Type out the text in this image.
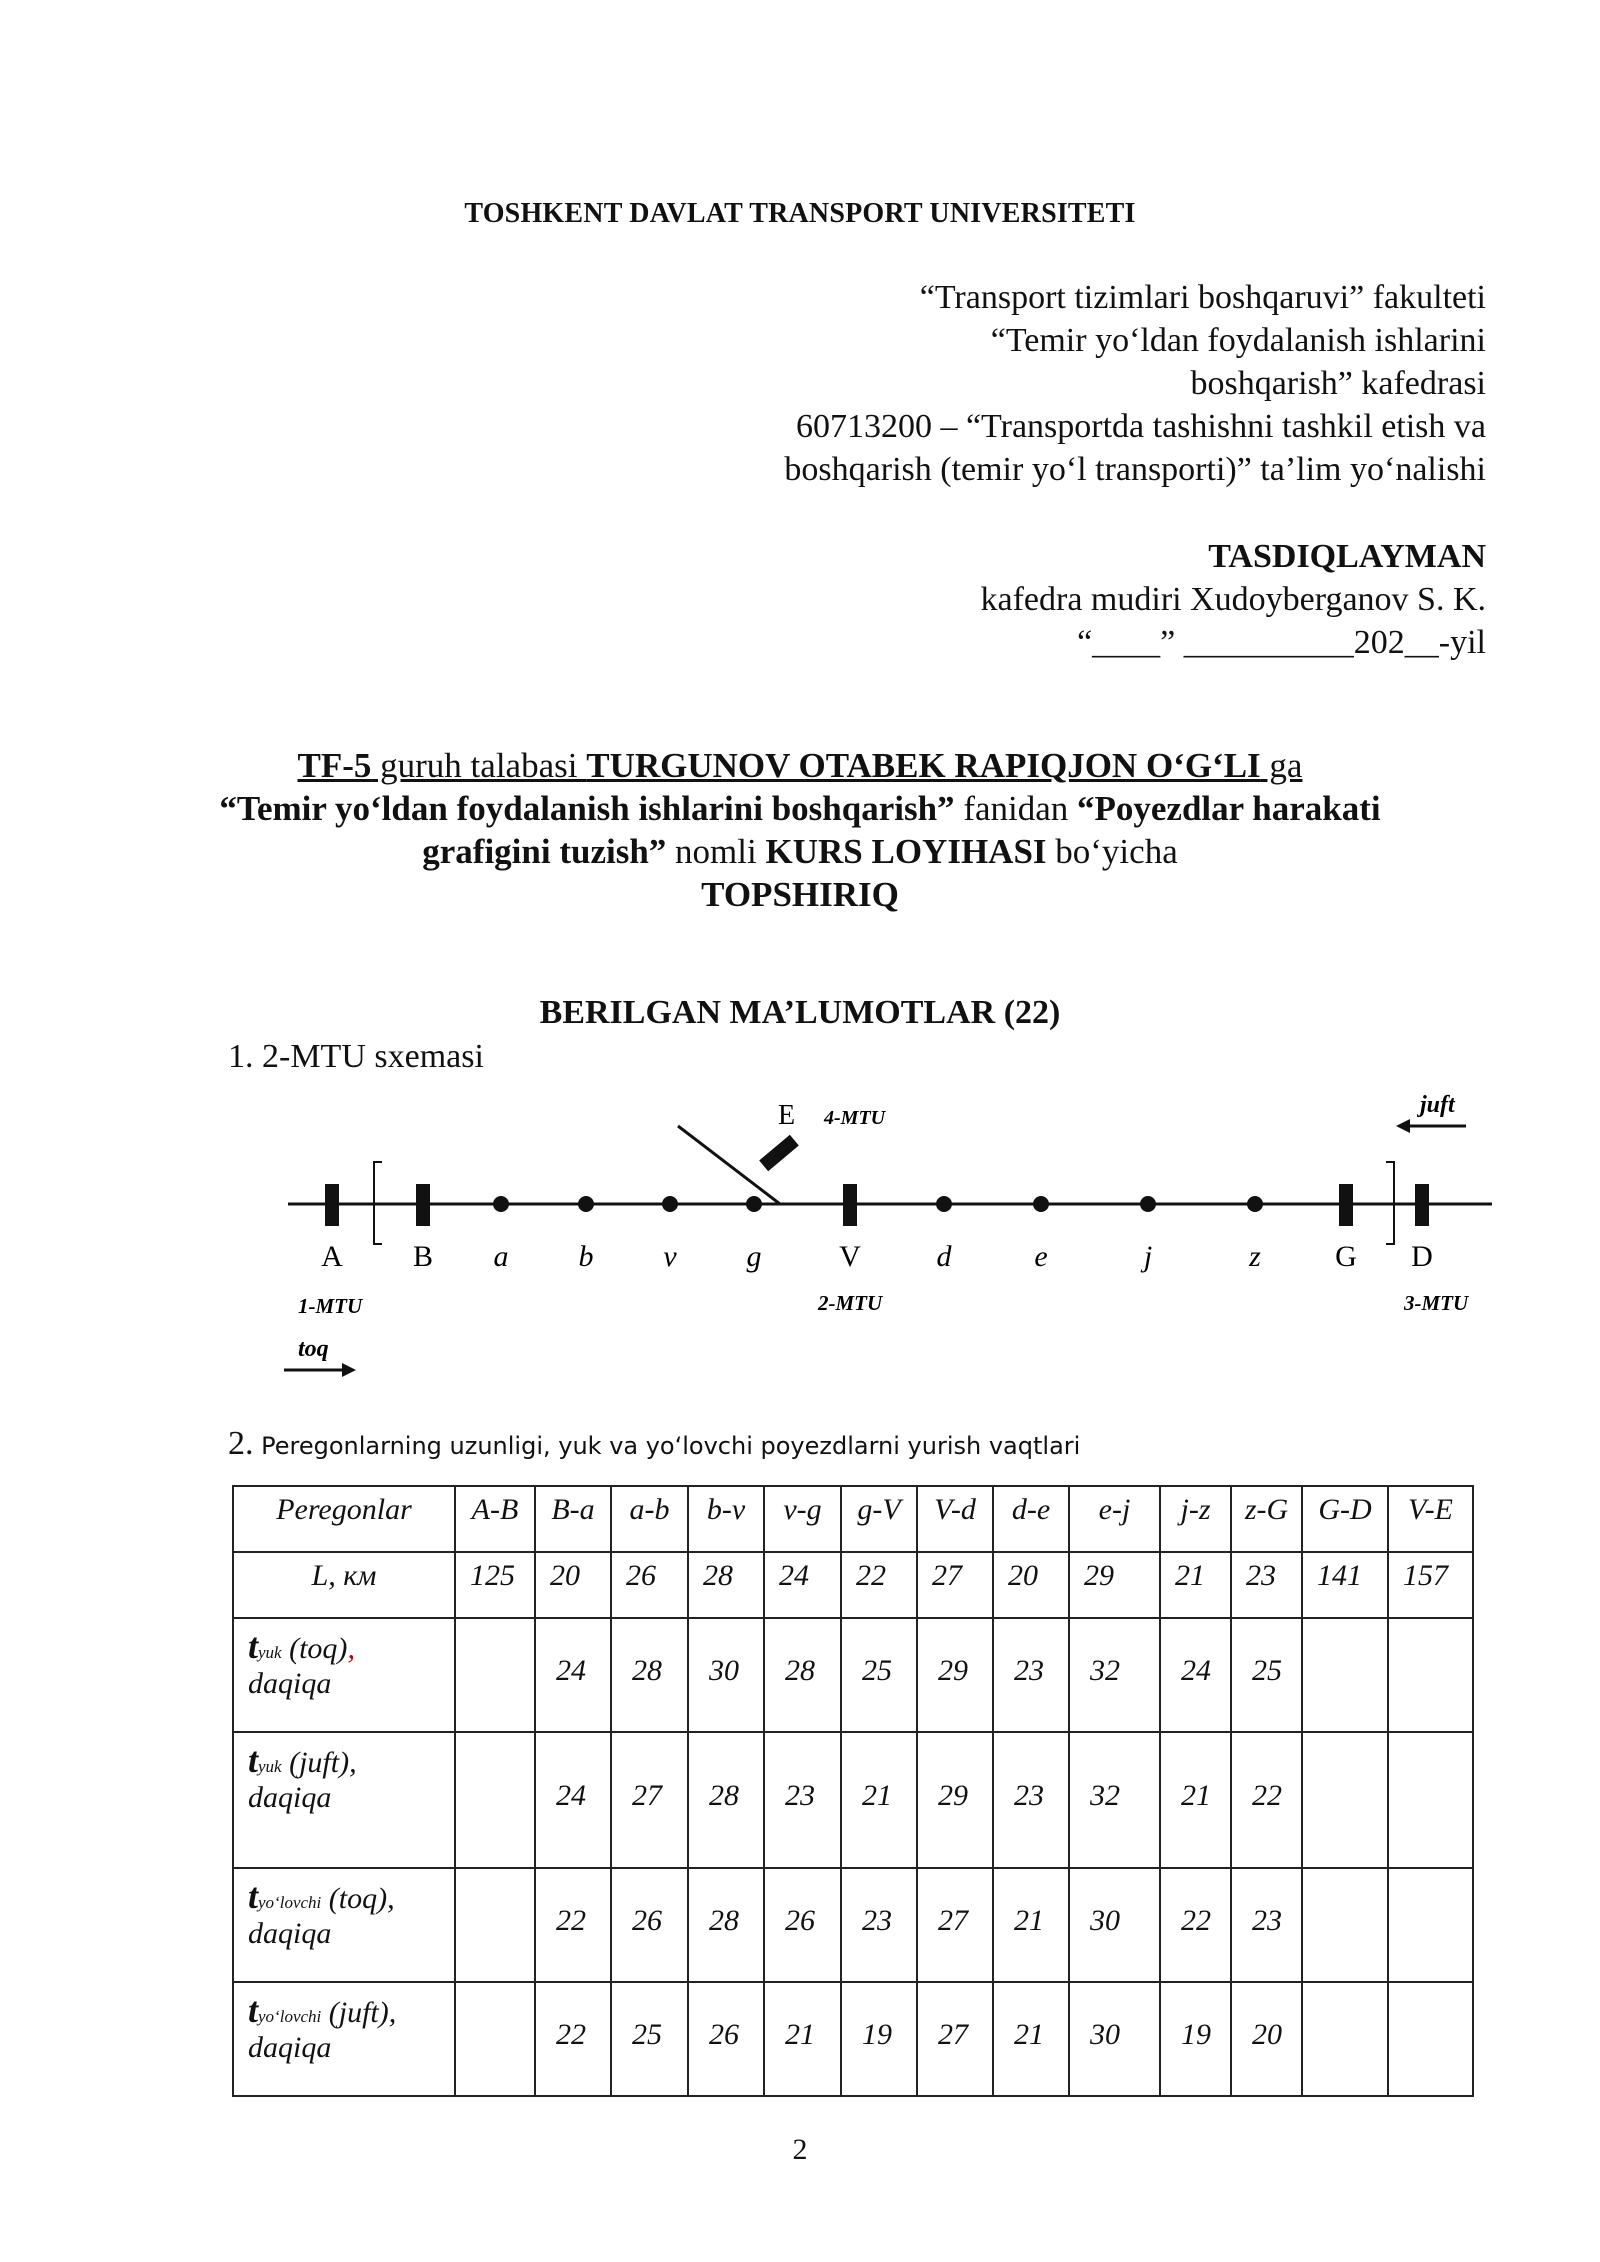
TOSHKENT DAVLAT TRANSPORT UNIVERSITETI
“Transport tizimlari boshqaruvi” fakulteti
“Temir yo‘ldan foydalanish ishlarini
boshqarish” kafedrasi
60713200 – “Transportda tashishni tashkil etish va
boshqarish (temir yo‘l transporti)” ta’lim yo‘nalishi
TASDIQLAYMAN
kafedra mudiri Xudoyberganov S. K.
“____” __________202__-yil
TF-5 guruh talabasi TURGUNOV OTABEK RAPIQJON O‘G‘LI ga
“Temir yo‘ldan foydalanish ishlarini boshqarish” fanidan “Poyezdlar harakati
grafigini tuzish” nomli KURS LOYIHASI bo‘yicha
TOPSHIRIQ
BERILGAN MA’LUMOTLAR (22)
1. 2-MTU sxemasi
E 4-MTU
A B a b v g	V	d	e	j	z G D
1-MTU	2-MTU	3-MTU
juft
toq
2. Peregonlarning uzunligi, yuk va yo‘lovchi poyezdlarni yurish vaqtlari
Peregonlar	A-B	B-a	a-b	b-v	v-g	g-V	V-d	d-e	e-j	j-z	z-G	G-D	V-E
L, км	125	20	26	28	24	22	27	20	29	21	23	141	157
tyuk (toq),
daqiqa		24	28	30	28	25	29	23	32	24	25		
tyuk (juft),
daqiqa		24	27	28	23	21	29	23	32	21	22		
tyo‘lovchi (toq),
daqiqa		22	26	28	26	23	27	21	30	22	23		
tyo‘lovchi (juft),
daqiqa		22	25	26	21	19	27	21	30	19	20		
2
